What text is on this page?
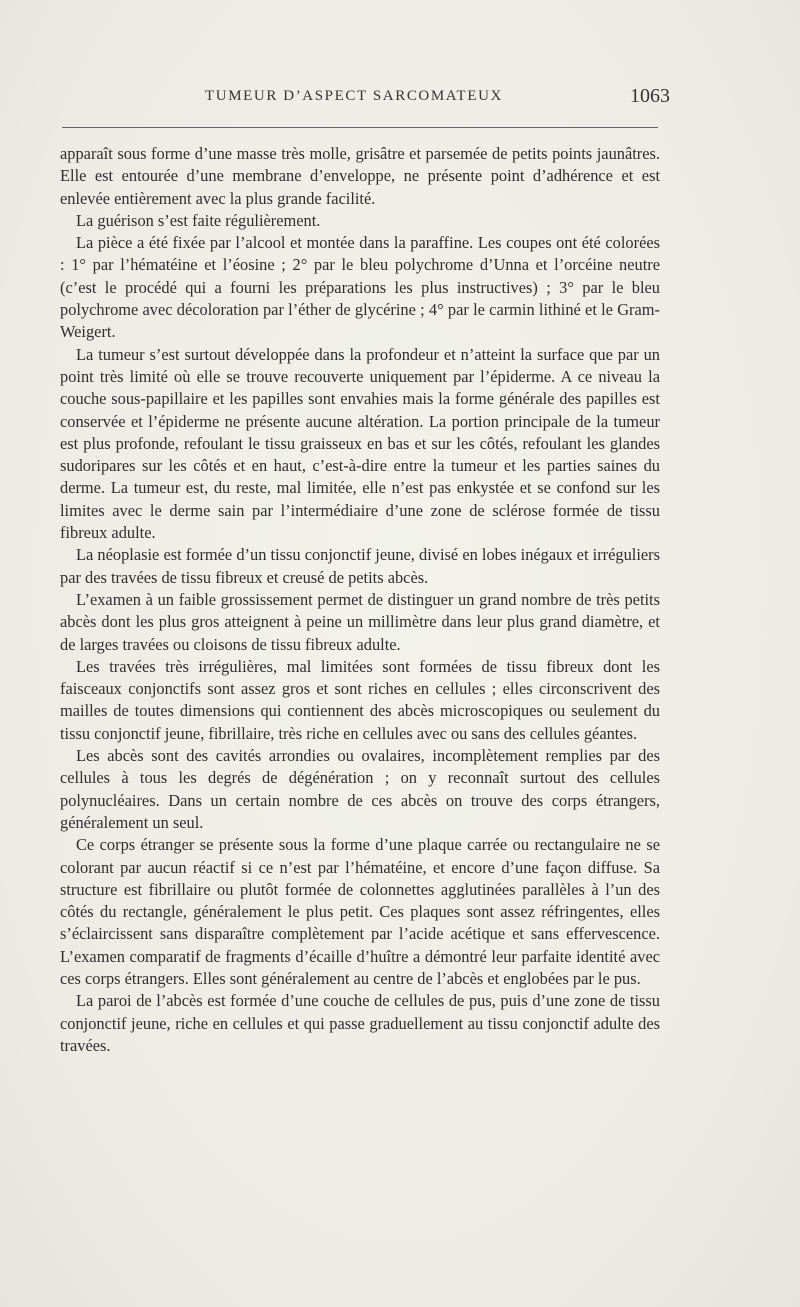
TUMEUR D’ASPECT SARCOMATEUX	1063

apparaît sous forme d’une masse très molle, grisâtre et parsemée de petits points jaunâtres. Elle est entourée d’une membrane d’enveloppe, ne présente point d’adhérence et est enlevée entièrement avec la plus grande facilité.

La guérison s’est faite régulièrement.

La pièce a été fixée par l’alcool et montée dans la paraffine. Les coupes ont été colorées : 1° par l’hématéine et l’éosine ; 2° par le bleu polychrome d’Unna et l’orcéine neutre (c’est le procédé qui a fourni les préparations les plus instructives) ; 3° par le bleu polychrome avec décoloration par l’éther de glycérine ; 4° par le carmin lithiné et le Gram-Weigert.

La tumeur s’est surtout développée dans la profondeur et n’atteint la surface que par un point très limité où elle se trouve recouverte uniquement par l’épiderme. A ce niveau la couche sous-papillaire et les papilles sont envahies mais la forme générale des papilles est conservée et l’épiderme ne présente aucune altération. La portion principale de la tumeur est plus profonde, refoulant le tissu graisseux en bas et sur les côtés, refoulant les glandes sudoripares sur les côtés et en haut, c’est-à-dire entre la tumeur et les parties saines du derme. La tumeur est, du reste, mal limitée, elle n’est pas enkystée et se confond sur les limites avec le derme sain par l’intermédiaire d’une zone de sclérose formée de tissu fibreux adulte.

La néoplasie est formée d’un tissu conjonctif jeune, divisé en lobes inégaux et irréguliers par des travées de tissu fibreux et creusé de petits abcès.

L’examen à un faible grossissement permet de distinguer un grand nombre de très petits abcès dont les plus gros atteignent à peine un millimètre dans leur plus grand diamètre, et de larges travées ou cloisons de tissu fibreux adulte.

Les travées très irrégulières, mal limitées sont formées de tissu fibreux dont les faisceaux conjonctifs sont assez gros et sont riches en cellules ; elles circonscrivent des mailles de toutes dimensions qui contiennent des abcès microscopiques ou seulement du tissu conjonctif jeune, fibrillaire, très riche en cellules avec ou sans des cellules géantes.

Les abcès sont des cavités arrondies ou ovalaires, incomplètement remplies par des cellules à tous les degrés de dégénération ; on y reconnaît surtout des cellules polynucléaires. Dans un certain nombre de ces abcès on trouve des corps étrangers, généralement un seul.

Ce corps étranger se présente sous la forme d’une plaque carrée ou rectangulaire ne se colorant par aucun réactif si ce n’est par l’hématéine, et encore d’une façon diffuse. Sa structure est fibrillaire ou plutôt formée de colonnettes agglutinées parallèles à l’un des côtés du rectangle, généralement le plus petit. Ces plaques sont assez réfringentes, elles s’éclaircissent sans disparaître complètement par l’acide acétique et sans effervescence. L’examen comparatif de fragments d’écaille d’huître a démontré leur parfaite identité avec ces corps étrangers. Elles sont généralement au centre de l’abcès et englobées par le pus.

La paroi de l’abcès est formée d’une couche de cellules de pus, puis d’une zone de tissu conjonctif jeune, riche en cellules et qui passe graduellement au tissu conjonctif adulte des travées.
